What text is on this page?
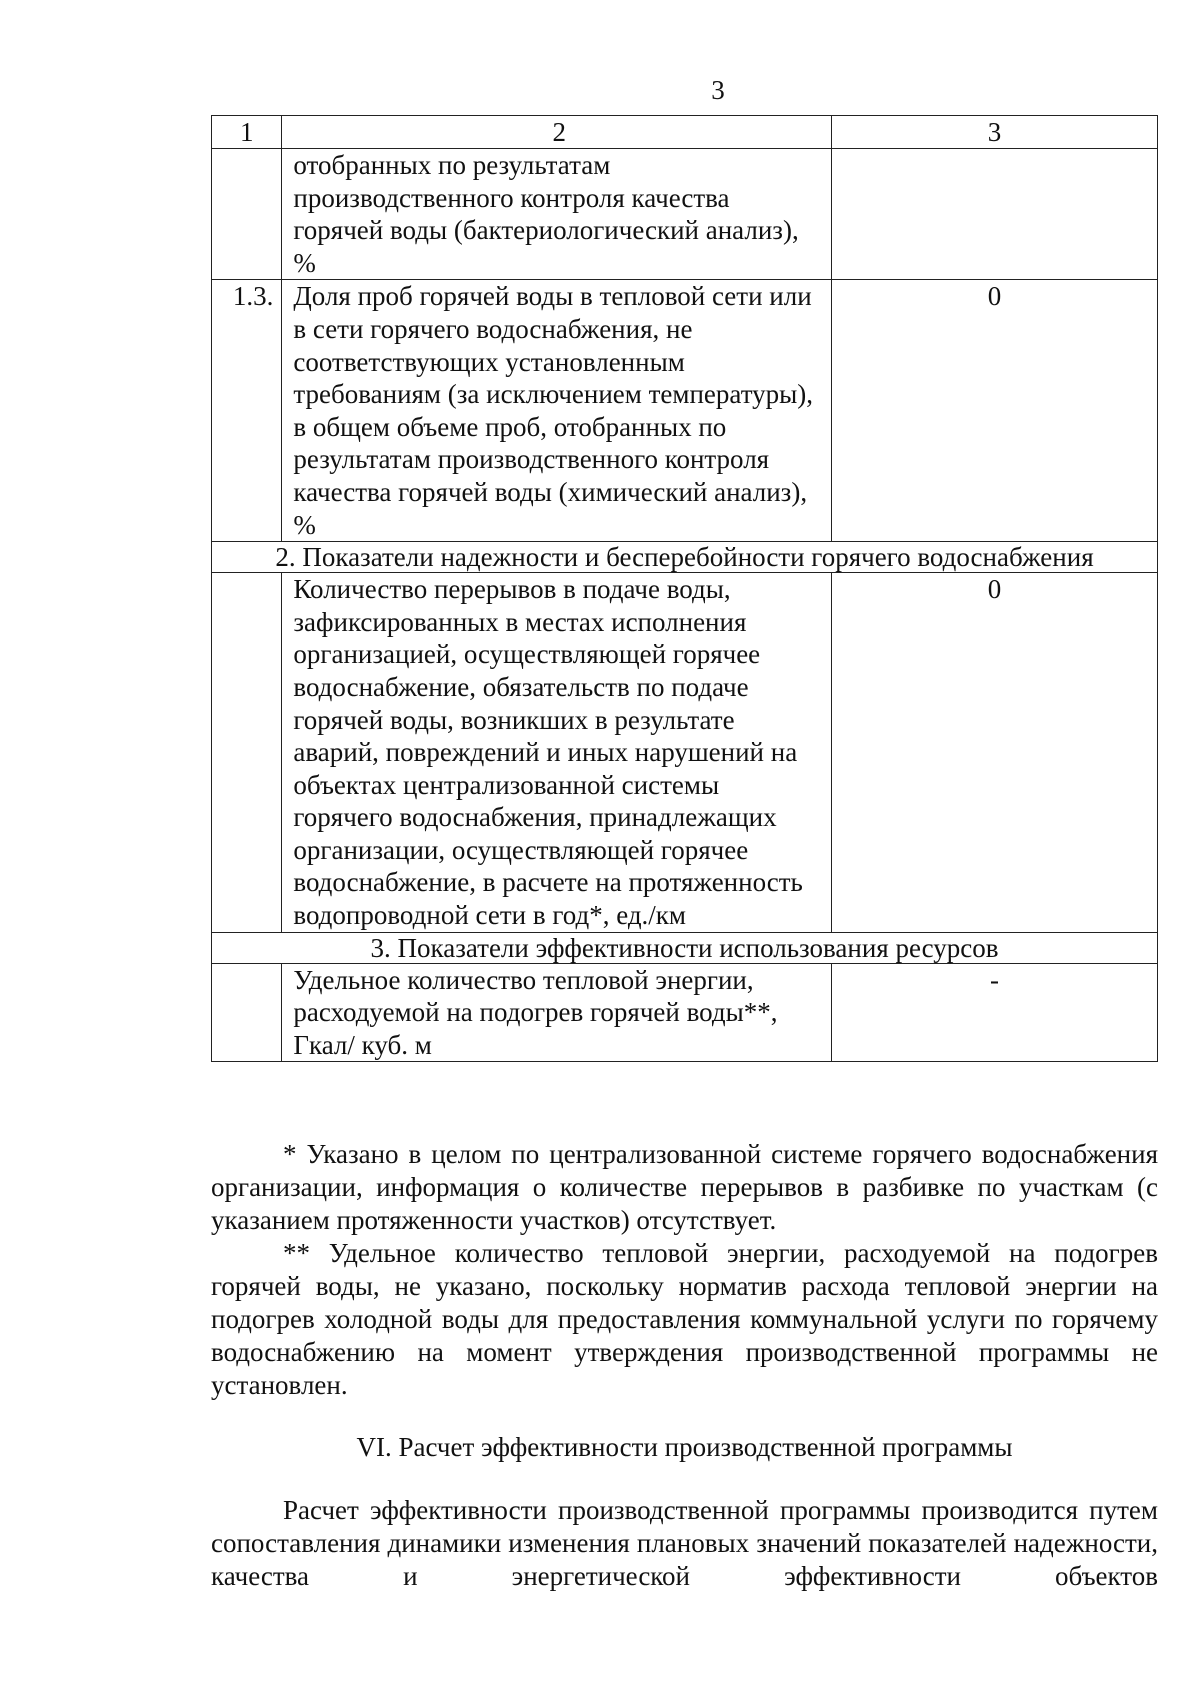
3
1	2	3
	отобранных по результатам производственного контроля качества горячей воды (бактериологический анализ), %	

1.3.	Доля проб горячей воды в тепловой сети или в сети горячего водоснабжения, не соответствующих установленным требованиям (за исключением температуры), в общем объеме проб, отобранных по результатам производственного контроля качества горячей воды (химический анализ), %	0
2. Показатели надежности и бесперебойности горячего водоснабжения		
	Количество перерывов в подаче воды, зафиксированных в местах исполнения организацией, осуществляющей горячее водоснабжение, обязательств по подаче горячей воды, возникших в результате аварий, повреждений и иных нарушений на объектах централизованной системы горячего водоснабжения, принадлежащих организации, осуществляющей горячее водоснабжение, в расчете на протяженность водопроводной сети в год*, ед./км	0
3. Показатели эффективности использования ресурсов		
	Удельное количество тепловой энергии, расходуемой на подогрев горячей воды**, Гкал/ куб. м	-
* Указано в целом по централизованной системе горячего водоснабжения организации, информация о количестве перерывов в разбивке по участкам (с указанием протяженности участков) отсутствует.
** Удельное количество тепловой энергии, расходуемой на подогрев горячей воды, не указано, поскольку норматив расхода тепловой энергии на подогрев холодной воды для предоставления коммунальной услуги по горячему водоснабжению на момент утверждения производственной программы не установлен.
VI. Расчет эффективности производственной программы
Расчет эффективности производственной программы производится путем сопоставления динамики изменения плановых значений показателей надежности, качества и энергетической эффективности объектов
